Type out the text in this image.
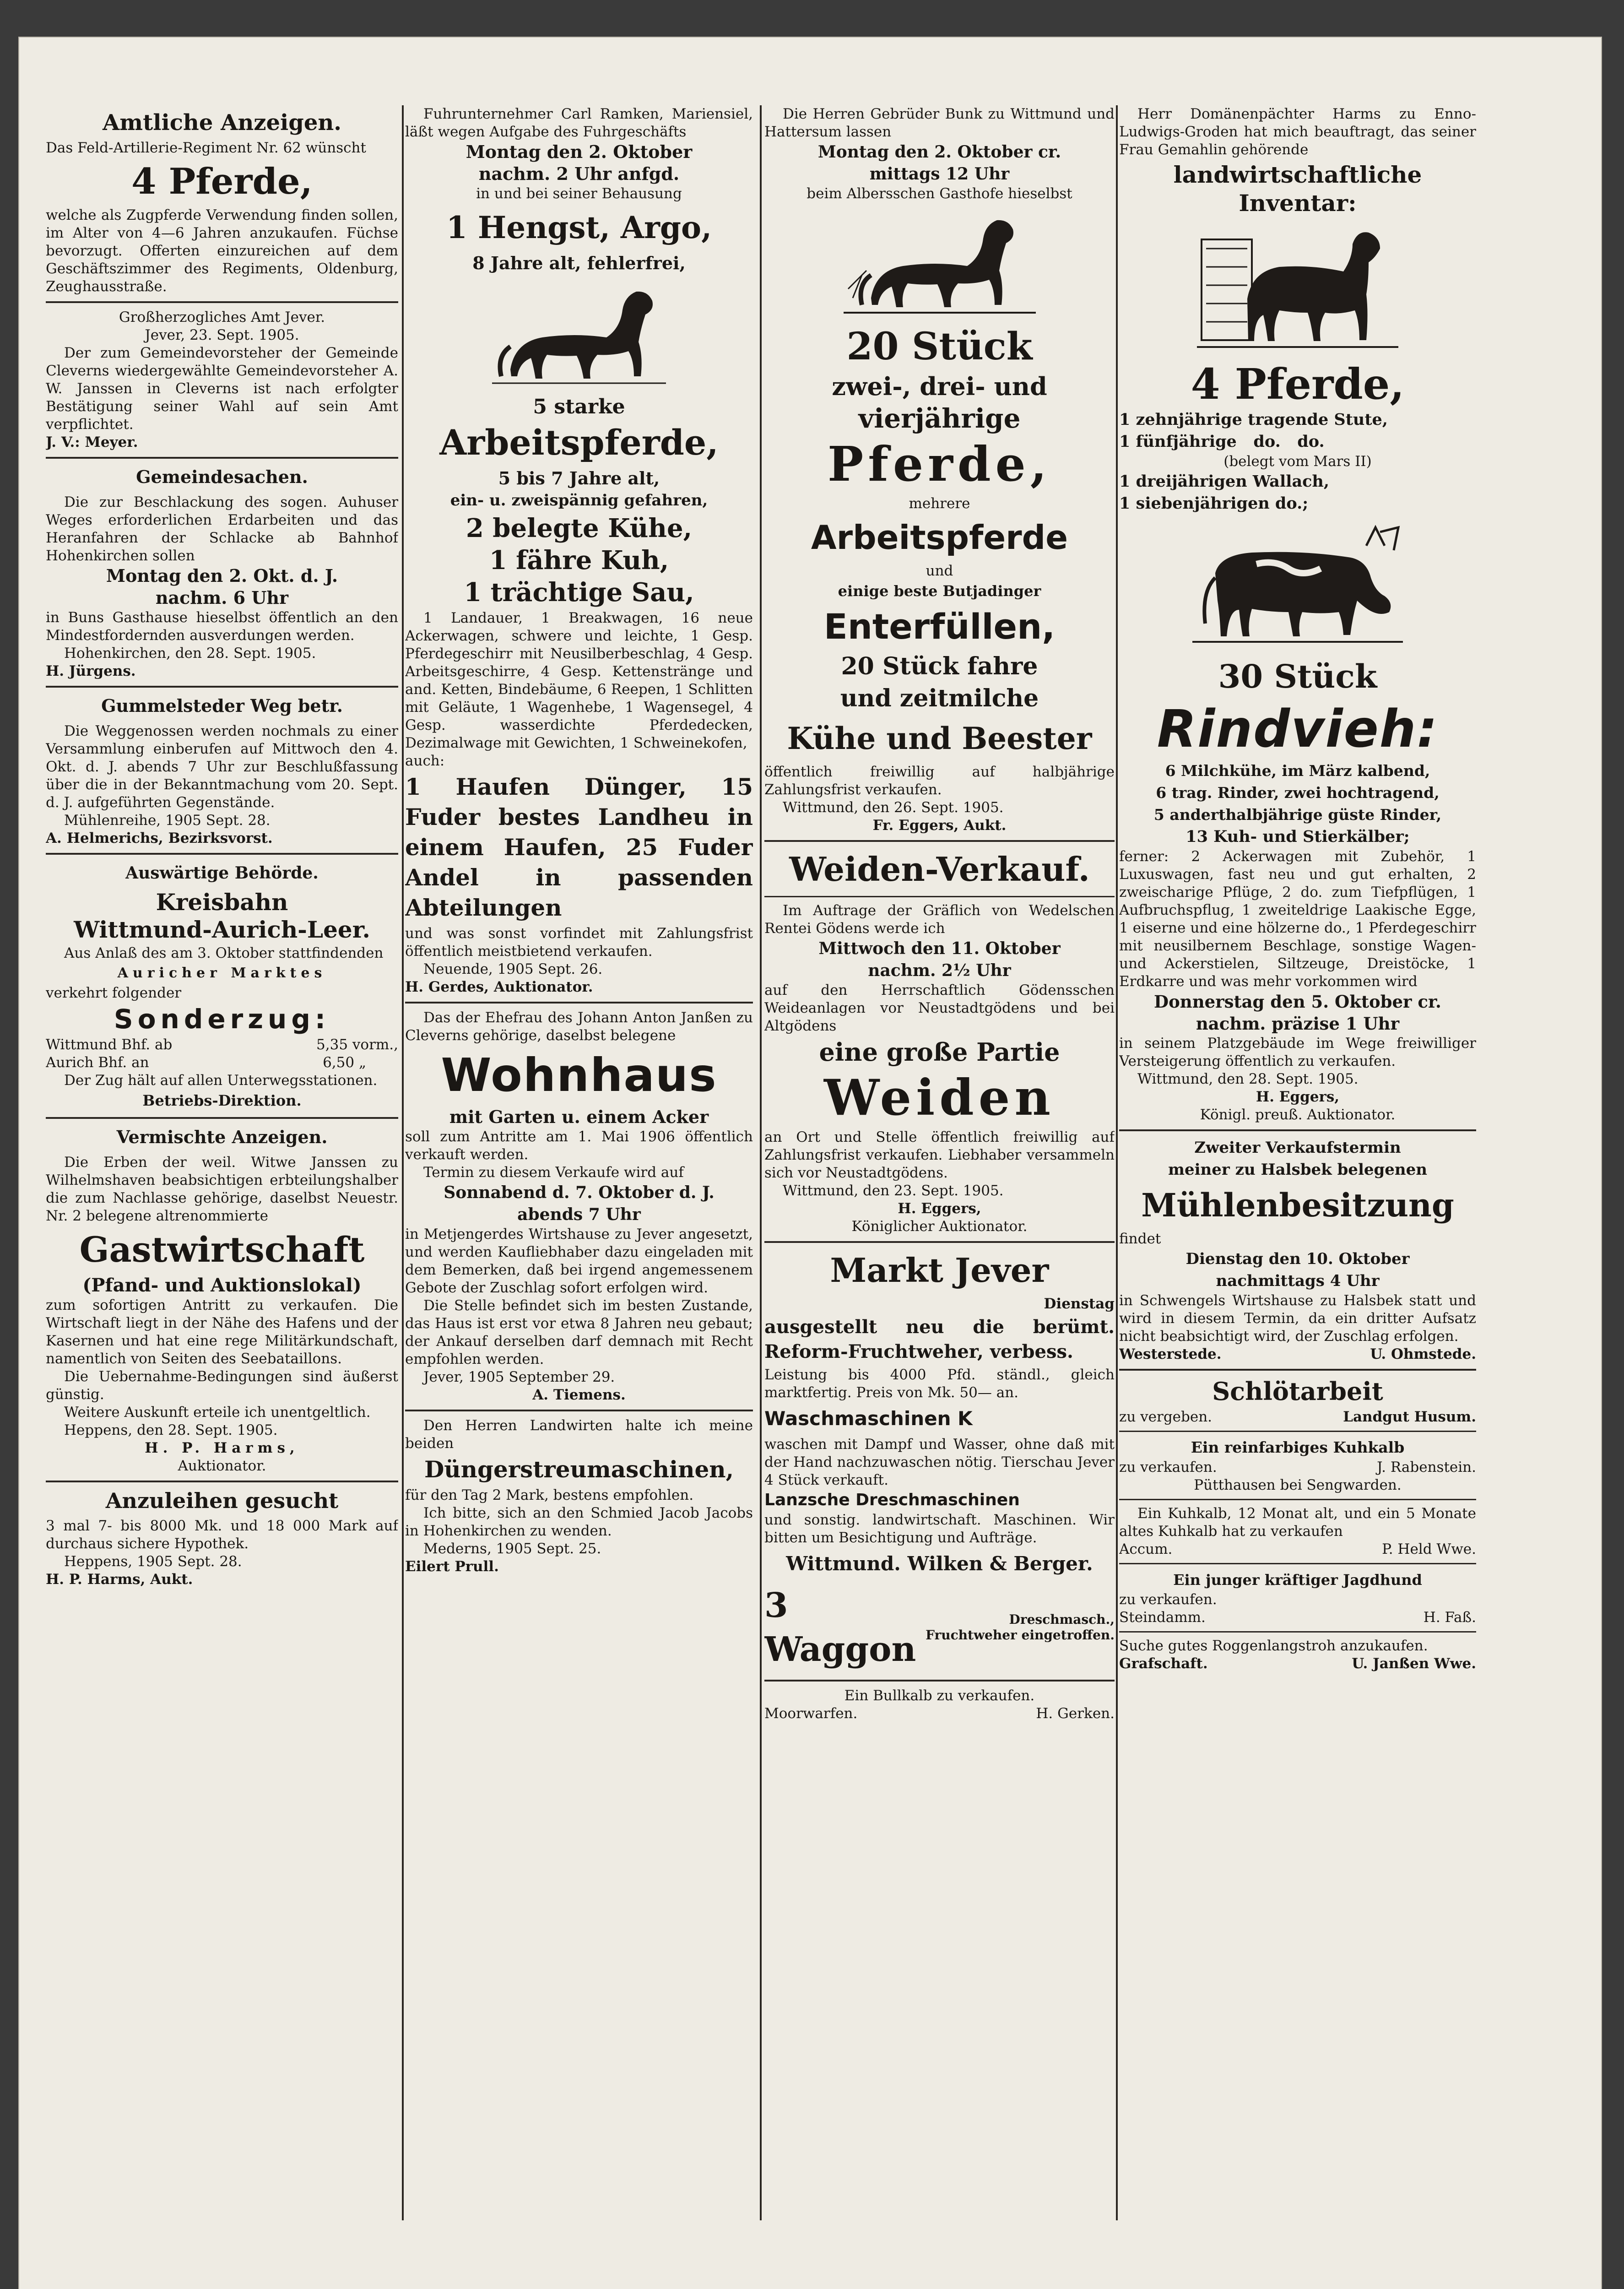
Amtliche Anzeigen.

Das Feld-Artillerie-Regiment Nr. 62 wünscht

4 Pferde,

welche als Zugpferde Verwendung finden sollen, im Alter von 4—6 Jahren anzukaufen. Füchse bevorzugt. Offerten einzureichen auf dem Geschäftszimmer des Regiments, Oldenburg, Zeughausstraße.

Großherzogliches Amt Jever.

Jever, 23. Sept. 1905.

Der zum Gemeindevorsteher der Gemeinde Cleverns wiedergewählte Gemeindevorsteher A. W. Janssen in Cleverns ist nach erfolgter Bestätigung seiner Wahl auf sein Amt verpflichtet.

J. V.: Meyer.

Gemeindesachen.

Die zur Beschlackung des sogen. Auhuser Weges erforderlichen Erdarbeiten und das Heranfahren der Schlacke ab Bahnhof Hohenkirchen sollen

Montag den 2. Okt. d. J.
nachm. 6 Uhr

in Buns Gasthause hieselbst öffentlich an den Mindestfordernden ausverdungen werden.

Hohenkirchen, den 28. Sept. 1905.

H. Jürgens.

Gummelsteder Weg betr.

Die Weggenossen werden nochmals zu einer Versammlung einberufen auf Mittwoch den 4. Okt. d. J. abends 7 Uhr zur Beschlußfassung über die in der Bekanntmachung vom 20. Sept. d. J. aufgeführten Gegenstände.

Mühlenreihe, 1905 Sept. 28.

A. Helmerichs, Bezirksvorst.

Auswärtige Behörde.
Kreisbahn
Wittmund-Aurich-Leer.

Aus Anlaß des am 3. Oktober stattfindenden

Auricher Marktes

verkehrt folgender

Sonderzug:

Wittmund Bhf. ab	5,35 vorm.,

Aurich Bhf. an	6,50 „

Der Zug hält auf allen Unterwegsstationen.

Betriebs-Direktion.
Vermischte Anzeigen.

Die Erben der weil. Witwe Janssen zu Wilhelmshaven beabsichtigen erbteilungshalber die zum Nachlasse gehörige, daselbst Neuestr. Nr. 2 belegene altrenommierte

Gastwirtschaft
(Pfand- und Auktionslokal)

zum sofortigen Antritt zu verkaufen. Die Wirtschaft liegt in der Nähe des Hafens und der Kasernen und hat eine rege Militärkundschaft, namentlich von Seiten des Seebataillons.

Die Uebernahme-Bedingungen sind äußerst günstig.

Weitere Auskunft erteile ich unentgeltlich.

Heppens, den 28. Sept. 1905.

H. P. Harms,

Auktionator.

Anzuleihen gesucht

3 mal 7- bis 8000 Mk. und 18 000 Mark auf durchaus sichere Hypothek.

Heppens, 1905 Sept. 28.

H. P. Harms, Aukt.

Fuhrunternehmer Carl Ramken, Mariensiel, läßt wegen Aufgabe des Fuhrgeschäfts

Montag den 2. Oktober
nachm. 2 Uhr anfgd.

in und bei seiner Behausung

1 Hengst, Argo,
8 Jahre alt, fehlerfrei,
5 starke
Arbeitspferde,
5 bis 7 Jahre alt,
ein- u. zweispännig gefahren,
2 belegte Kühe,
1 fähre Kuh,
1 trächtige Sau,

1 Landauer, 1 Breakwagen, 16 neue Ackerwagen, schwere und leichte, 1 Gesp. Pferdegeschirr mit Neusilberbeschlag, 4 Gesp. Arbeitsgeschirre, 4 Gesp. Kettenstränge und and. Ketten, Bindebäume, 6 Reepen, 1 Schlitten mit Geläute, 1 Wagenhebe, 1 Wagensegel, 4 Gesp. wasserdichte Pferdedecken, Dezimalwage mit Gewichten, 1 Schweinekofen,

auch:

1 Haufen Dünger, 15 Fuder bestes Landheu in einem Haufen, 25 Fuder Andel in passenden Abteilungen

und was sonst vorfindet mit Zahlungsfrist öffentlich meistbietend verkaufen.

Neuende, 1905 Sept. 26.

H. Gerdes, Auktionator.

Das der Ehefrau des Johann Anton Janßen zu Cleverns gehörige, daselbst belegene

Wohnhaus
mit Garten u. einem Acker

soll zum Antritte am 1. Mai 1906 öffentlich verkauft werden.

Termin zu diesem Verkaufe wird auf

Sonnabend d. 7. Oktober d. J.
abends 7 Uhr

in Metjengerdes Wirtshause zu Jever angesetzt, und werden Kaufliebhaber dazu eingeladen mit dem Bemerken, daß bei irgend angemessenem Gebote der Zuschlag sofort erfolgen wird.

Die Stelle befindet sich im besten Zustande, das Haus ist erst vor etwa 8 Jahren neu gebaut; der Ankauf derselben darf demnach mit Recht empfohlen werden.

Jever, 1905 September 29.

A. Tiemens.

Den Herren Landwirten halte ich meine beiden

Düngerstreumaschinen,

für den Tag 2 Mark, bestens empfohlen.

Ich bitte, sich an den Schmied Jacob Jacobs in Hohenkirchen zu wenden.

Mederns, 1905 Sept. 25.

Eilert Prull.

Die Herren Gebrüder Bunk zu Wittmund und Hattersum lassen

Montag den 2. Oktober cr.
mittags 12 Uhr

beim Albersschen Gasthofe hieselbst

20 Stück
zwei-, drei- und
vierjährige
Pferde,

mehrere

Arbeitspferde

und

einige beste Butjadinger
Enterfüllen,
20 Stück fahre
und zeitmilche
Kühe und Beester

öffentlich freiwillig auf halbjährige Zahlungsfrist verkaufen.

Wittmund, den 26. Sept. 1905.

Fr. Eggers, Aukt.

Weiden-Verkauf.

Im Auftrage der Gräflich von Wedelschen Rentei Gödens werde ich

Mittwoch den 11. Oktober
nachm. 2½ Uhr

auf den Herrschaftlich Gödensschen Weideanlagen vor Neustadtgödens und bei Altgödens

eine große Partie
Weiden

an Ort und Stelle öffentlich freiwillig auf Zahlungsfrist verkaufen. Liebhaber versammeln sich vor Neustadtgödens.

Wittmund, den 23. Sept. 1905.

H. Eggers,

Königlicher Auktionator.

Markt Jever

Dienstag

ausgestellt neu die berümt. Reform-Fruchtweher, verbess.

Leistung bis 4000 Pfd. ständl., gleich marktfertig. Preis von Mk. 50— an.

Waschmaschinen K

waschen mit Dampf und Wasser, ohne daß mit der Hand nachzuwaschen nötig. Tierschau Jever 4 Stück verkauft.

Lanzsche Dreschmaschinen

und sonstig. landwirtschaft. Maschinen. Wir bitten um Besichtigung und Aufträge.

Wittmund. Wilken & Berger.
3 Waggon

Dreschmasch., Fruchtweher eingetroffen.

Ein Bullkalb zu verkaufen.

Moorwarfen.	H. Gerken.

Herr Domänenpächter Harms zu Enno-Ludwigs-Groden hat mich beauftragt, das seiner Frau Gemahlin gehörende

landwirtschaftliche Inventar:
4 Pferde,
1 zehnjährige tragende Stute,
1 fünfjährige   do.   do.

(belegt vom Mars II)

1 dreijährigen Wallach,
1 siebenjährigen do.;
30 Stück
Rindvieh:
6 Milchkühe, im März kalbend,
6 trag. Rinder, zwei hochtragend,
5 anderthalbjährige güste Rinder,
13 Kuh- und Stierkälber;

ferner: 2 Ackerwagen mit Zubehör, 1 Luxuswagen, fast neu und gut erhalten, 2 zweischarige Pflüge, 2 do. zum Tiefpflügen, 1 Aufbruchspflug, 1 zweiteldrige Laakische Egge, 1 eiserne und eine hölzerne do., 1 Pferdegeschirr mit neusilbernem Beschlage, sonstige Wagen- und Ackerstielen, Siltzeuge, Dreistöcke, 1 Erdkarre und was mehr vorkommen wird

Donnerstag den 5. Oktober cr.
nachm. präzise 1 Uhr

in seinem Platzgebäude im Wege freiwilliger Versteigerung öffentlich zu verkaufen.

Wittmund, den 28. Sept. 1905.

H. Eggers,

Königl. preuß. Auktionator.

Zweiter Verkaufstermin
meiner zu Halsbek belegenen
Mühlenbesitzung

findet

Dienstag den 10. Oktober
nachmittags 4 Uhr

in Schwengels Wirtshause zu Halsbek statt und wird in diesem Termin, da ein dritter Aufsatz nicht beabsichtigt wird, der Zuschlag erfolgen.

Westerstede.	U. Ohmstede.

Schlötarbeit

zu vergeben.	Landgut Husum.

Ein reinfarbiges Kuhkalb

zu verkaufen.	J. Rabenstein.

Pütthausen bei Sengwarden.

Ein Kuhkalb, 12 Monat alt, und ein 5 Monate altes Kuhkalb hat zu verkaufen

Accum.	P. Held Wwe.

Ein junger kräftiger Jagdhund

zu verkaufen.

Steindamm.	H. Faß.

Suche gutes Roggenlangstroh anzukaufen.

Grafschaft.	U. Janßen Wwe.
